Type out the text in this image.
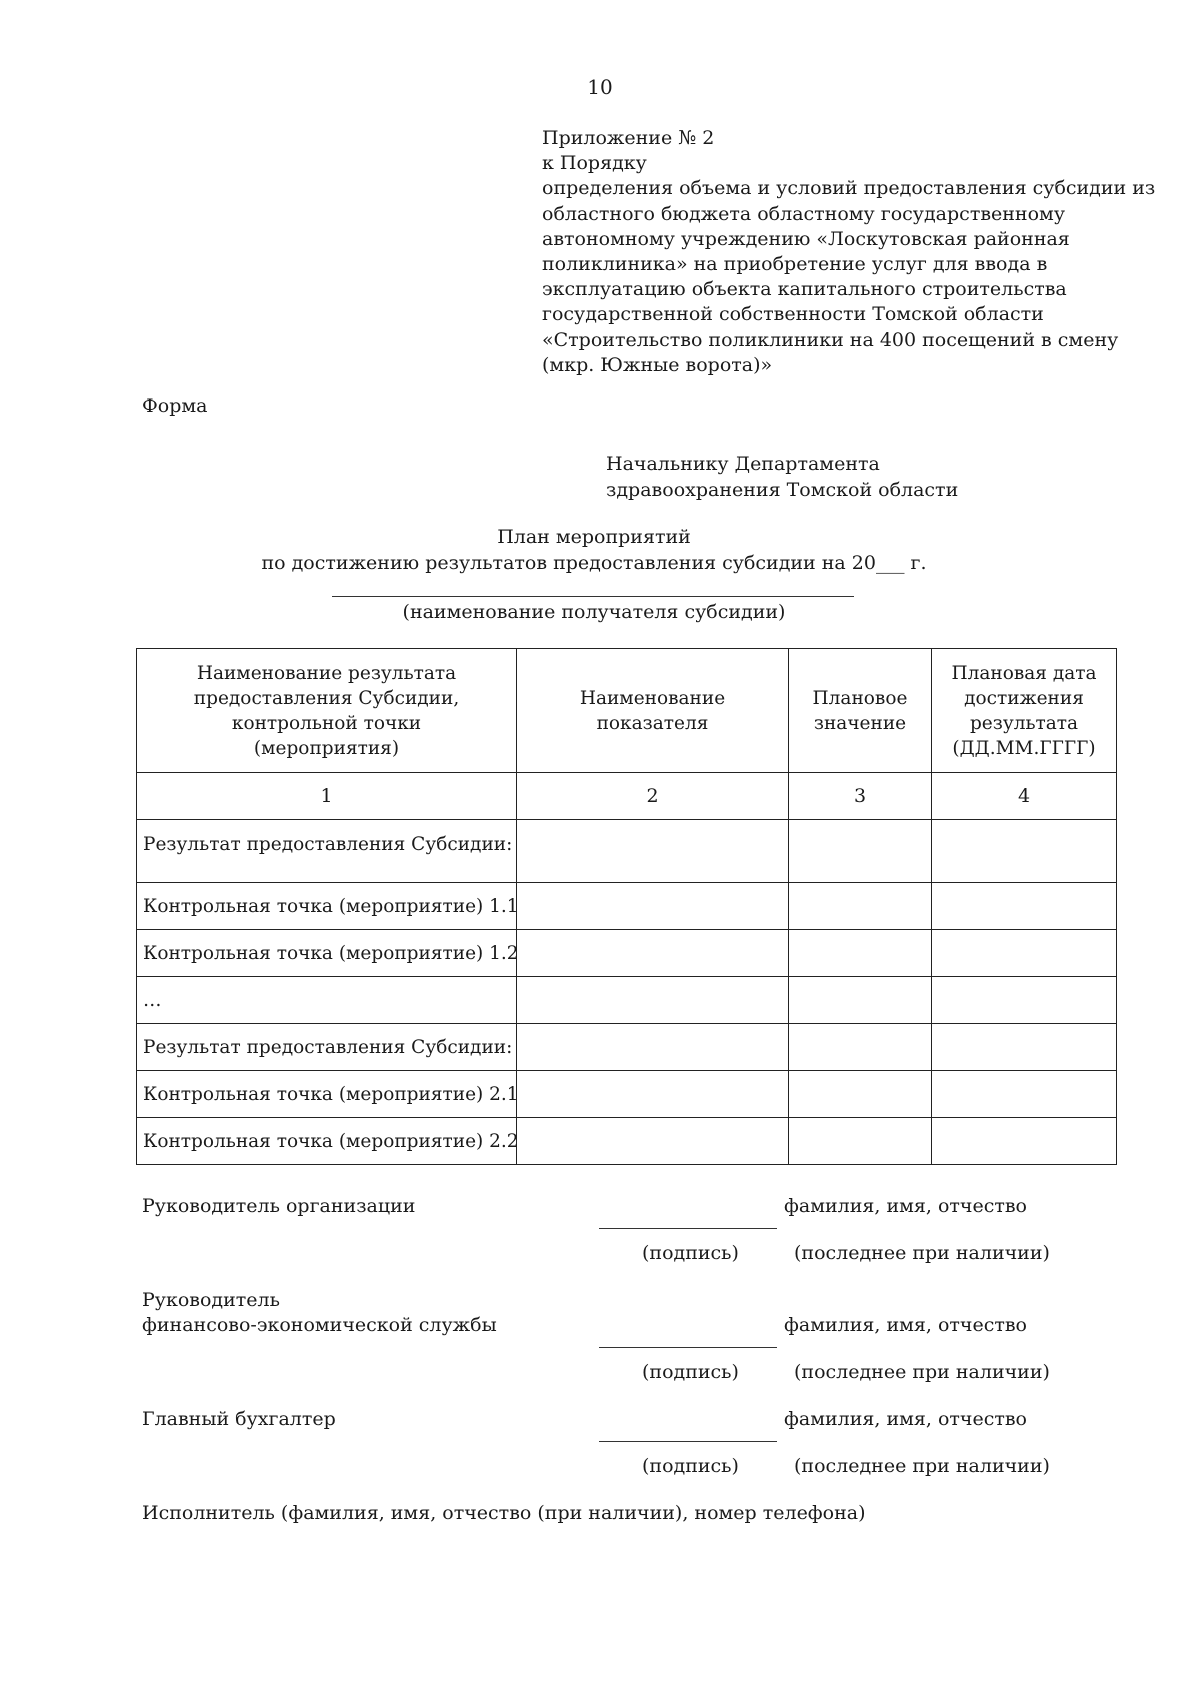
10
Приложение № 2
к Порядку
определения объема и условий предоставления субсидии из
областного бюджета областному государственному
автономному учреждению «Лоскутовская районная
поликлиника» на приобретение услуг для ввода в
эксплуатацию объекта капитального строительства
государственной собственности Томской области
«Строительство поликлиники на 400 посещений в смену
(мкр. Южные ворота)»
Форма
Начальнику Департамента
здравоохранения Томской области
План мероприятий
по достижению результатов предоставления субсидии на 20___ г.
(наименование получателя субсидии)
Наименование результата предоставления Субсидии, контрольной точки (мероприятия)	Наименование показателя	Плановое значение	Плановая дата достижения результата (ДД.ММ.ГГГГ)
1	2	3	4
Результат предоставления Субсидии:			
Контрольная точка (мероприятие) 1.1			
Контрольная точка (мероприятие) 1.2			
…			
Результат предоставления Субсидии:			
Контрольная точка (мероприятие) 2.1			
Контрольная точка (мероприятие) 2.2			
Руководитель организации	фамилия, имя, отчество
(подпись)	(последнее при наличии)
Руководитель
финансово-экономической службы	фамилия, имя, отчество
(подпись)	(последнее при наличии)
Главный бухгалтер	фамилия, имя, отчество
(подпись)	(последнее при наличии)
Исполнитель (фамилия, имя, отчество (при наличии), номер телефона)
